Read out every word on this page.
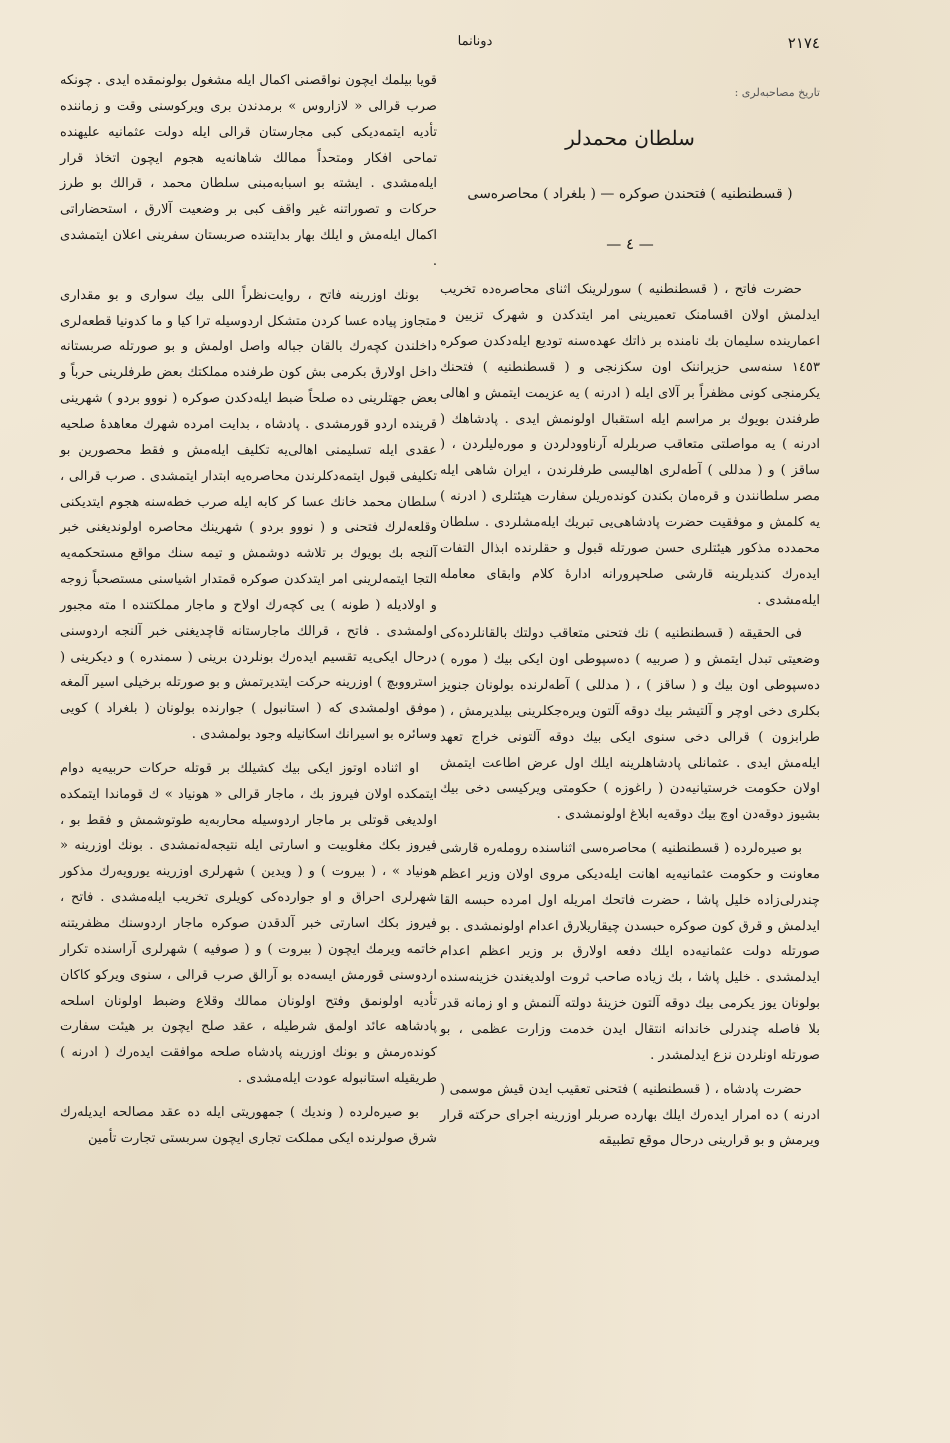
٢١٧٤
دونانما
تاریخ مصاحبه‌لری :
سلطان محمدلر
( قسطنطنیه ) فتحندن صوکره — ( بلغراد ) محاصره‌سی
— ٤ —

حضرت فاتح ، ( قسطنطنیه ) سورلرینک اثنای محاصره‌ده تخریب ایدلمش اولان اقسامنک تعمیرینی امر ایتدکدن و شهرک تزیین و اعمارینده سلیمان بك نامنده بر ذاتك عهده‌سنه تودیع ایله‌دکدن صوکره ١٤٥٣ سنه‌سی حزیراننک اون سکزنجی و ( قسطنطنیه ) فتحنك یکرمنجی کونی مظفراً بر آلای ایله ( ادرنه ) یه عزیمت ایتمش و اهالی طرفندن بویوك بر مراسم ایله استقبال اولونمش ایدی . پادشاهك ( ادرنه ) یه مواصلتی متعاقب صربلرله آرناوودلردن و موره‌لیلردن ، ( ساقز ) و ( مدللی ) آطه‌لری اهالیسی طرفلرندن ، ایران شاهی ایله مصر سلطانندن و قرەمان بکندن کوندەریلن سفارت هیئتلری ( ادرنه ) یه کلمش و موفقیت حضرت پادشاهی‌یی تبریك ایله‌مشلردی . سلطان محمدده مذکور هیئتلری حسن صورتله قبول و حقلرنده ابذال التفات ایدەرك کندیلرینه قارشی صلحپرورانه ادارهٔ کلام وابقای معامله ایله‌مشدی .

فی الحقیقه ( قسطنطنیه ) نك فتحنی متعاقب دولتك بالقانلرده‌کی وضعیتی تبدل ایتمش و ( صربیه ) ده‌سپوطی اون ایکی بیك ( موره ) ده‌سپوطی اون بیك و ( ساقز ) ، ( مدللی ) آطه‌لرنده بولونان جنویز بکلری دخی اوچر و آلتیشر بیك دوقه آلتون ویره‌جکلرینی بیلدیرمش ، ( طرابزون ) قرالی دخی سنوی ایکی بیك دوقه آلتونی خراج تعهد ایله‌مش ایدی . عثمانلی پادشاهلرینه ایلك اول عرض اطاعت ایتمش اولان حکومت خرستیانیه‌دن ( راغوزه ) حکومتی ویرکیسی دخی بیك بشیوز دوقه‌دن اوچ بیك دوقه‌یه ابلاغ اولونمشدی .

بو صیره‌لرده ( قسطنطنیه ) محاصره‌سی اثناسنده رومله‌ره قارشی معاونت و حکومت عثمانیه‌یه اهانت ایله‌دیکی مروی اولان وزیر اعظم چندرلی‌زاده خلیل پاشا ، حضرت فاتحك امریله اول امرده حبسه القا ایدلمش و قرق کون صوکره حبسدن چیقاریلارق اعدام اولونمشدی . بو صورتله دولت عثمانیه‌ده ایلك دفعه اولارق بر وزیر اعظم اعدام ایدلمشدی . خلیل پاشا ، بك زیاده صاحب ثروت اولدیغندن خزینه‌سنده بولونان یوز یکرمی بیك دوقه آلتون خزینهٔ دولته آلنمش و او زمانه قدر بلا فاصله چندرلی خاندانه انتقال ایدن خدمت وزارت عظمی ، بو صورتله اونلردن نزع ایدلمشدر .

حضرت پادشاه ، ( قسطنطنیه ) فتحنی تعقیب ایدن قیش موسمی ( ادرنه ) ده امرار ایده‌رك ایلك بهارده صربلر اوزرینه اجرای حرکته قرار ویرمش و بو قرارینی درحال موقع تطبیقه

قویا بیلمك ایچون نواقصنی اکمال ایله مشغول بولونمقده ایدی . چونکه صرب قرالی « لازاروس » برمدندن بری ویرکوسنی وقت و زماننده تأدیه ایتمه‌دیکی کبی مجارستان قرالی ایله دولت عثمانیه علیهنده تماحی افکار ومتحداً ممالك شاهانه‌یه هجوم ایچون اتخاذ قرار ایله‌مشدی . ایشته بو اسبابه‌مبنی سلطان محمد ، قرالك بو طرز حرکات و تصوراتنه غیر واقف کبی بر وضعیت آلارق ، استحضاراتی اکمال ایله‌مش و ایلك بهار بدایتنده صربستان سفرینی اعلان ایتمشدی .

بونك اوزرینه فاتح ، روایت‌نظراً اللی بیك سواری و بو مقداری متجاوز پیاده عسا کردن متشکل اردوسیله ترا کیا و ما کدونیا قطعه‌لری داخلندن کچەرك بالقان جباله واصل اولمش و بو صورتله صربستانه داخل اولارق بکرمی بش کون طرفنده مملکتك بعض طرفلرینی حرباً و بعض جهتلرینی ده صلحاً ضبط ایله‌دکدن صوکره ( نووو بردو ) شهرینی قرینده اردو قورمشدی . پادشاه ، بدایت امرده شهرك معاهدهٔ صلحیه عقدی ایله تسلیمنی اهالی‌یه تکلیف ایله‌مش و فقط محصورین بو تکلیفی قبول ایتمه‌دکلرندن محاصره‌یه ابتدار ایتمشدی . صرب قرالی ، سلطان محمد خانك عسا کر کابه ایله صرب خطه‌سنه هجوم ایتدیکنی وقلعه‌لرك فتحنی و ( نووو بردو ) شهرینك محاصره اولوندیغنی خبر آلنجه بك بویوك بر تلاشه دوشمش و تیمه سنك مواقع مستحکمه‌یه التجا ایتمه‌لرینی امر ایتدکدن صوکره قمتدار اشیاسنی مستصحباً زوجه و اولادیله ( طونه ) یی کچه‌رك اولاح و ماجار مملکتنده ا متە مجبور اولمشدی . فاتح ، قرالك ماجارستانه قاچدیغنی خبر آلنجه اردوسنی درحال ایکی‌یه تقسیم ایده‌رك بونلردن برینی ( سمندره ) و دیکرینی ( استرووبچ ) اوزرینه حرکت ایتدیرتمش و بو صورتله برخیلی اسیر آلمغه موفق اولمشدی که ( استانبول ) جوارنده بولونان ( بلغراد ) کویی وسائره بو اسیرانك اسکانیله وجود بولمشدی .

او اثناده اوتوز ایکی بیك کشیلك بر قوتله حرکات حربیه‌یه دوام ایتمکده اولان فیروز بك ، ماجار قرالی « هونیاد » ك قوماندا ایتمکده اولدیغی قوتلی بر ماجار اردوسیله محاربه‌یه طوتوشمش و فقط بو ، فیروز بکك مغلوبیت و اسارتی ایله نتیجه‌لەنمشدی . بونك اوزرینه « هونیاد » ، ( بیروت ) و ( ویدین ) شهرلری اوزرینه یورویه‌رك مذکور شهرلری احراق و او جوارده‌کی کویلری تخریب ایله‌مشدی . فاتح ، فیروز بکك اسارتی خبر آلدقدن صوکره ماجار اردوسنك مظفریتنه خاتمه ویرمك ایچون ( بیروت ) و ( صوفیه ) شهرلری آراسنده تکرار اردوسنی قورمش ایسه‌ده بو آرالق صرب قرالی ، سنوی ویرکو کاکان تأدیه اولونمق وفتح اولونان ممالك وقلاع وضبط اولونان اسلحه پادشاهه عائد اولمق شرطیله ، عقد صلح ایچون بر هیئت سفارت کوندەرمش و بونك اوزرینه پادشاه صلحه موافقت ایده‌رك ( ادرنه ) طریقیله استانبوله عودت ایله‌مشدی .

بو صیره‌لرده ( وندیك ) جمهوریتی ایله ده عقد مصالحه ایدیله‌رك شرق صولرنده ایکی مملکت تجاری ایچون سربستی تجارت تأمین
